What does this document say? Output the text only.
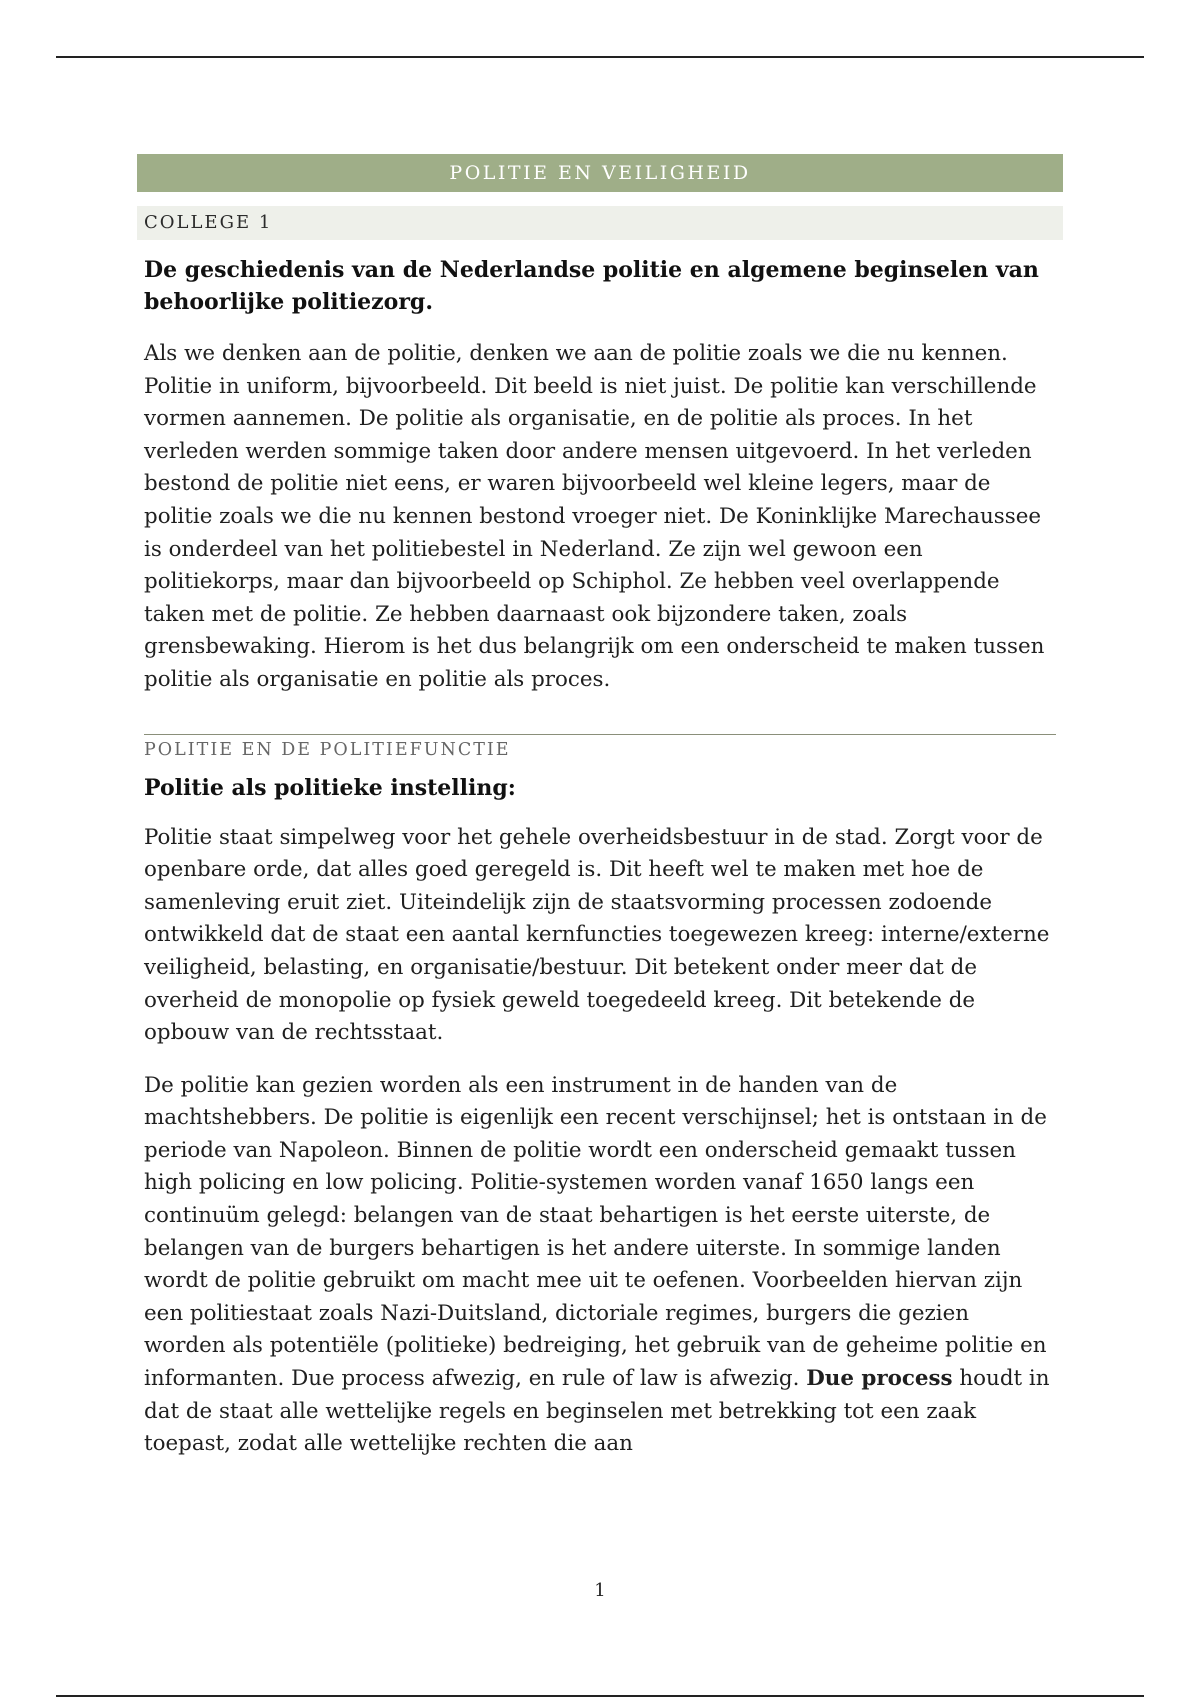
POLITIE EN VEILIGHEID
COLLEGE 1
De geschiedenis van de Nederlandse politie en algemene beginselen van behoorlijke politiezorg.

Als we denken aan de politie, denken we aan de politie zoals we die nu kennen. Politie in uniform, bijvoorbeeld. Dit beeld is niet juist. De politie kan verschillende vormen aannemen. De politie als organisatie, en de politie als proces. In het verleden werden sommige taken door andere mensen uitgevoerd. In het verleden bestond de politie niet eens, er waren bijvoorbeeld wel kleine legers, maar de politie zoals we die nu kennen bestond vroeger niet. De Koninklijke Marechaussee is onderdeel van het politiebestel in Nederland. Ze zijn wel gewoon een politiekorps, maar dan bijvoorbeeld op Schiphol. Ze hebben veel overlappende taken met de politie. Ze hebben daarnaast ook bijzondere taken, zoals grensbewaking. Hierom is het dus belangrijk om een onderscheid te maken tussen politie als organisatie en politie als proces.

POLITIE EN DE POLITIEFUNCTIE
Politie als politieke instelling:

Politie staat simpelweg voor het gehele overheidsbestuur in de stad. Zorgt voor de openbare orde, dat alles goed geregeld is. Dit heeft wel te maken met hoe de samenleving eruit ziet. Uiteindelijk zijn de staatsvorming processen zodoende ontwikkeld dat de staat een aantal kernfuncties toegewezen kreeg: interne/externe veiligheid, belasting, en organisatie/bestuur. Dit betekent onder meer dat de overheid de monopolie op fysiek geweld toegedeeld kreeg. Dit betekende de opbouw van de rechtsstaat.

De politie kan gezien worden als een instrument in de handen van de machtshebbers. De politie is eigenlijk een recent verschijnsel; het is ontstaan in de periode van Napoleon. Binnen de politie wordt een onderscheid gemaakt tussen high policing en low policing. Politie-systemen worden vanaf 1650 langs een continuüm gelegd: belangen van de staat behartigen is het eerste uiterste, de belangen van de burgers behartigen is het andere uiterste. In sommige landen wordt de politie gebruikt om macht mee uit te oefenen. Voorbeelden hiervan zijn een politiestaat zoals Nazi-Duitsland, dictoriale regimes, burgers die gezien worden als potentiële (politieke) bedreiging, het gebruik van de geheime politie en informanten. Due process afwezig, en rule of law is afwezig. Due process houdt in dat de staat alle wettelijke regels en beginselen met betrekking tot een zaak toepast, zodat alle wettelijke rechten die aan

1
